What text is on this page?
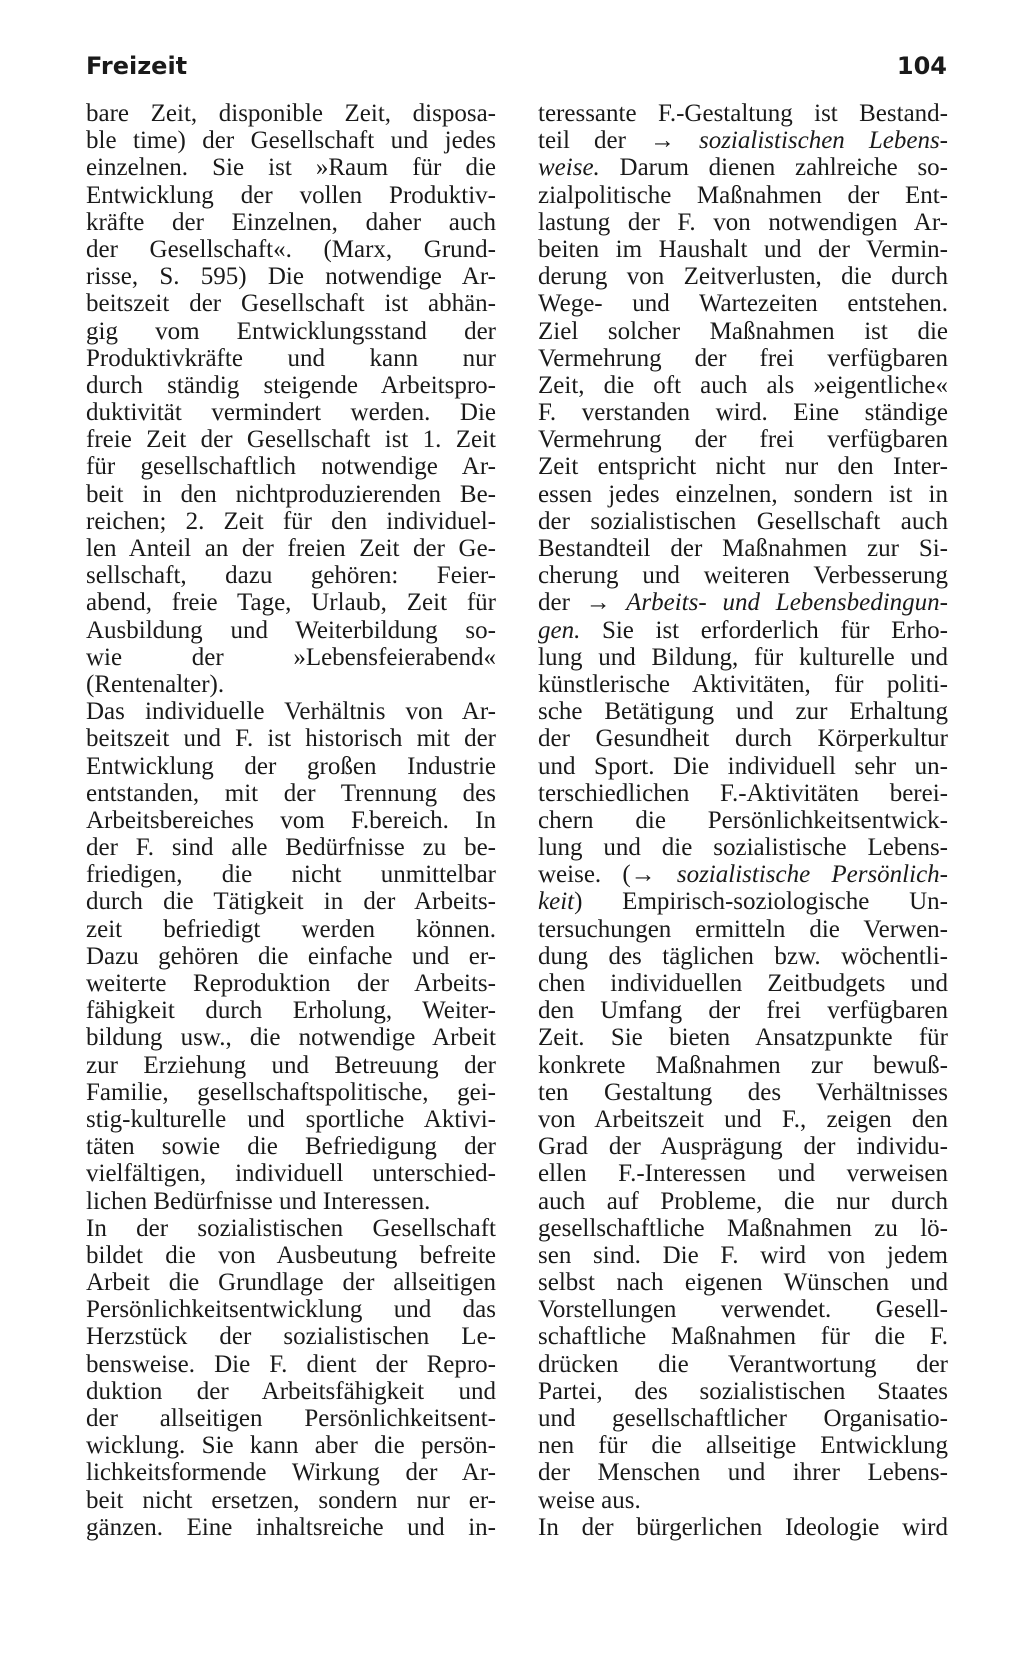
Freizeit	104
bare Zeit, disponible Zeit, disposa-
ble time) der Gesellschaft und jedes
einzelnen. Sie ist »Raum für die
Entwicklung der vollen Produktiv-
kräfte der Einzelnen, daher auch
der Gesellschaft«. (Marx, Grund-
risse, S. 595) Die notwendige Ar-
beitszeit der Gesellschaft ist abhän-
gig vom Entwicklungsstand der
Produktivkräfte und kann nur
durch ständig steigende Arbeitspro-
duktivität vermindert werden. Die
freie Zeit der Gesellschaft ist 1. Zeit
für gesellschaftlich notwendige Ar-
beit in den nichtproduzierenden Be-
reichen; 2. Zeit für den individuel-
len Anteil an der freien Zeit der Ge-
sellschaft, dazu gehören: Feier-
abend, freie Tage, Urlaub, Zeit für
Ausbildung und Weiterbildung so-
wie der »Lebensfeierabend«
(Rentenalter).
Das individuelle Verhältnis von Ar-
beitszeit und F. ist historisch mit der
Entwicklung der großen Industrie
entstanden, mit der Trennung des
Arbeitsbereiches vom F.bereich. In
der F. sind alle Bedürfnisse zu be-
friedigen, die nicht unmittelbar
durch die Tätigkeit in der Arbeits-
zeit befriedigt werden können.
Dazu gehören die einfache und er-
weiterte Reproduktion der Arbeits-
fähigkeit durch Erholung, Weiter-
bildung usw., die notwendige Arbeit
zur Erziehung und Betreuung der
Familie, gesellschaftspolitische, gei-
stig-kulturelle und sportliche Aktivi-
täten sowie die Befriedigung der
vielfältigen, individuell unterschied-
lichen Bedürfnisse und Interessen.
In der sozialistischen Gesellschaft
bildet die von Ausbeutung befreite
Arbeit die Grundlage der allseitigen
Persönlichkeitsentwicklung und das
Herzstück der sozialistischen Le-
bensweise. Die F. dient der Repro-
duktion der Arbeitsfähigkeit und
der allseitigen Persönlichkeitsent-
wicklung. Sie kann aber die persön-
lichkeitsformende Wirkung der Ar-
beit nicht ersetzen, sondern nur er-
gänzen. Eine inhaltsreiche und in-
teressante F.-Gestaltung ist Bestand-
teil der → sozialistischen Lebens-
weise. Darum dienen zahlreiche so-
zialpolitische Maßnahmen der Ent-
lastung der F. von notwendigen Ar-
beiten im Haushalt und der Vermin-
derung von Zeitverlusten, die durch
Wege- und Wartezeiten entstehen.
Ziel solcher Maßnahmen ist die
Vermehrung der frei verfügbaren
Zeit, die oft auch als »eigentliche«
F. verstanden wird. Eine ständige
Vermehrung der frei verfügbaren
Zeit entspricht nicht nur den Inter-
essen jedes einzelnen, sondern ist in
der sozialistischen Gesellschaft auch
Bestandteil der Maßnahmen zur Si-
cherung und weiteren Verbesserung
der → Arbeits- und Lebensbedingun-
gen. Sie ist erforderlich für Erho-
lung und Bildung, für kulturelle und
künstlerische Aktivitäten, für politi-
sche Betätigung und zur Erhaltung
der Gesundheit durch Körperkultur
und Sport. Die individuell sehr un-
terschiedlichen F.-Aktivitäten berei-
chern die Persönlichkeitsentwick-
lung und die sozialistische Lebens-
weise. (→ sozialistische Persönlich-
keit) Empirisch-soziologische Un-
tersuchungen ermitteln die Verwen-
dung des täglichen bzw. wöchentli-
chen individuellen Zeitbudgets und
den Umfang der frei verfügbaren
Zeit. Sie bieten Ansatzpunkte für
konkrete Maßnahmen zur bewuß-
ten Gestaltung des Verhältnisses
von Arbeitszeit und F., zeigen den
Grad der Ausprägung der individu-
ellen F.-Interessen und verweisen
auch auf Probleme, die nur durch
gesellschaftliche Maßnahmen zu lö-
sen sind. Die F. wird von jedem
selbst nach eigenen Wünschen und
Vorstellungen verwendet. Gesell-
schaftliche Maßnahmen für die F.
drücken die Verantwortung der
Partei, des sozialistischen Staates
und gesellschaftlicher Organisatio-
nen für die allseitige Entwicklung
der Menschen und ihrer Lebens-
weise aus.
In der bürgerlichen Ideologie wird
